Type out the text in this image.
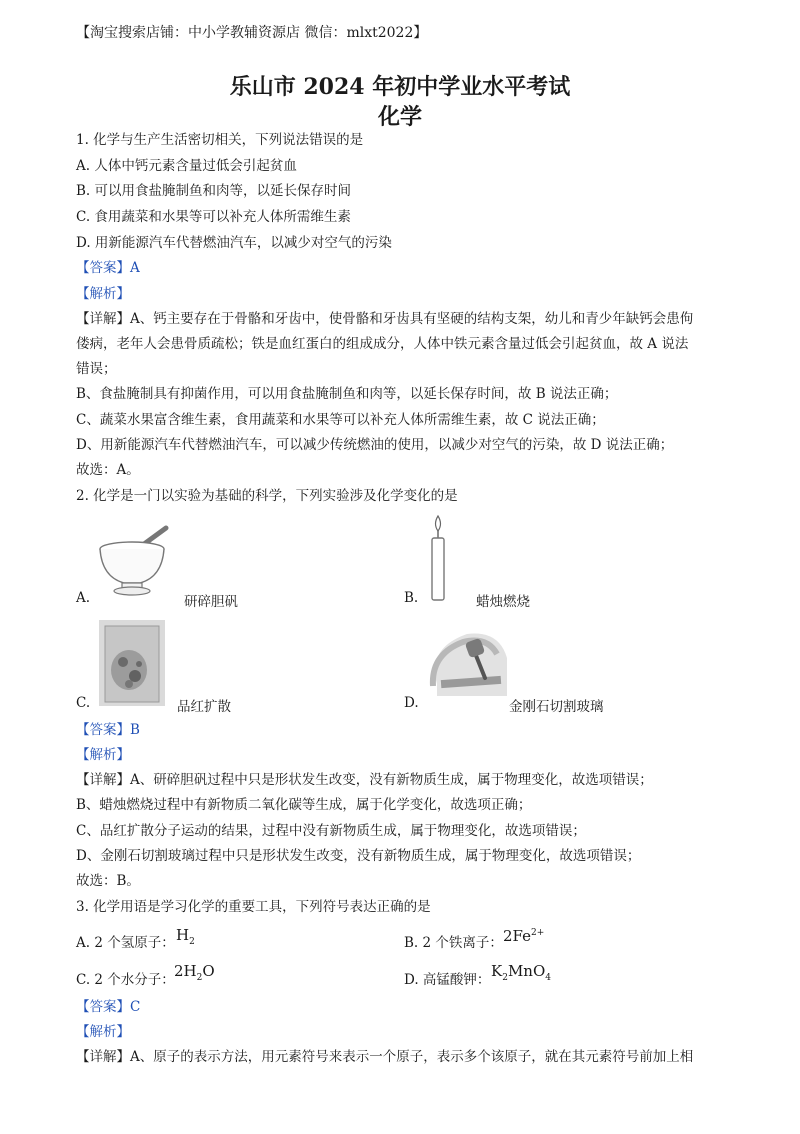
【淘宝搜索店铺：中小学教辅资源店 微信：mlxt2022】
乐山市 2024 年初中学业水平考试
化学
1. 化学与生产生活密切相关，下列说法错误的是
A. 人体中钙元素含量过低会引起贫血
B. 可以用食盐腌制鱼和肉等，以延长保存时间
C. 食用蔬菜和水果等可以补充人体所需维生素
D. 用新能源汽车代替燃油汽车，以减少对空气的污染
【答案】A
【解析】
【详解】A、钙主要存在于骨骼和牙齿中，使骨骼和牙齿具有坚硬的结构支架，幼儿和青少年缺钙会患佝
偻病，老年人会患骨质疏松；铁是血红蛋白的组成成分，人体中铁元素含量过低会引起贫血，故 A 说法
错误；
B、食盐腌制具有抑菌作用，可以用食盐腌制鱼和肉等，以延长保存时间，故 B 说法正确；
C、蔬菜水果富含维生素，食用蔬菜和水果等可以补充人体所需维生素，故 C 说法正确；
D、用新能源汽车代替燃油汽车，可以减少传统燃油的使用，以减少对空气的污染，故 D 说法正确；
故选：A。
2. 化学是一门以实验为基础的科学，下列实验涉及化学变化的是
A.	研碎胆矾	B.	蜡烛燃烧
C.	品红扩散	D.	金刚石切割玻璃
【答案】B
【解析】
【详解】A、研碎胆矾过程中只是形状发生改变，没有新物质生成，属于物理变化，故选项错误；
B、蜡烛燃烧过程中有新物质二氧化碳等生成，属于化学变化，故选项正确；
C、品红扩散分子运动的结果，过程中没有新物质生成，属于物理变化，故选项错误；
D、金刚石切割玻璃过程中只是形状发生改变，没有新物质生成，属于物理变化，故选项错误；
故选：B。
3. 化学用语是学习化学的重要工具，下列符号表达正确的是
A. 2 个氢原子： $H_2$	B. 2 个铁离子： $2Fe^{2+}$
C. 2 个水分子： $2H_2O$	D. 高锰酸钾： $K_2MnO_4$
【答案】C
【解析】
【详解】A、原子的表示方法，用元素符号来表示一个原子，表示多个该原子，就在其元素符号前加上相
